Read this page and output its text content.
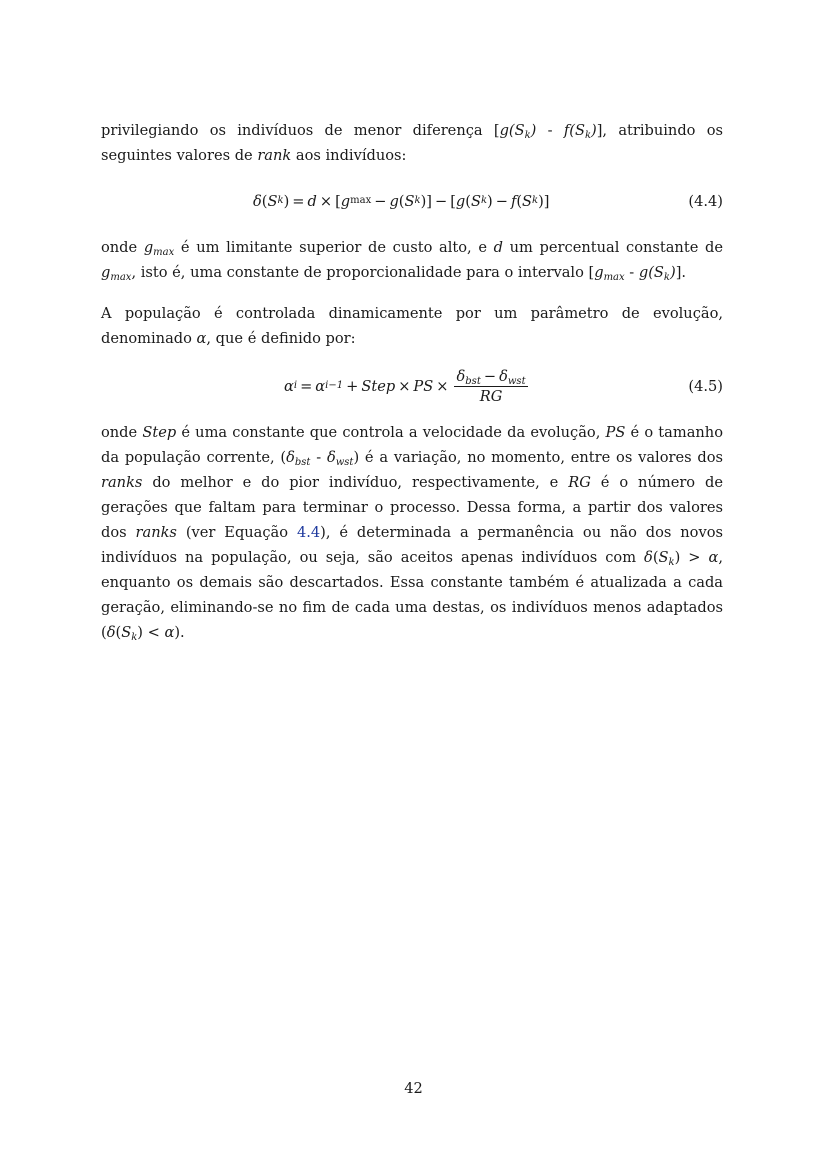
privilegiando os indivíduos de menor diferença $[g(S_k) - f(S_k)]$, atribuindo os seguintes valores de rank aos indivíduos:

δ ( S k ) = d × [ g max − g ( S k )] − [ g ( S k ) − f ( S k )]	(4.4)

onde $g_{max}$ é um limitante superior de custo alto, e d um percentual constante de $g_{max}$, isto é, uma constante de proporcionalidade para o intervalo $[g_{max} - g(S_k)]$.

A população é controlada dinamicamente por um parâmetro de evolução, denominado α, que é definido por:

α i = α i−1 + Step × PS × $\frac{\delta_{bst} - \delta_{wst}}{RG}$	(4.5)

onde Step é uma constante que controla a velocidade da evolução, PS é o tamanho da população corrente, $(\delta_{bst} - \delta_{wst})$ é a variação, no momento, entre os valores dos ranks do melhor e do pior indivíduo, respectivamente, e RG é o número de gerações que faltam para terminar o processo. Dessa forma, a partir dos valores dos ranks (ver Equação 4.4), é determinada a permanência ou não dos novos indivíduos na população, ou seja, são aceitos apenas indivíduos com $\delta(S_k) > \alpha$, enquanto os demais são descartados. Essa constante também é atualizada a cada geração, eliminando-se no fim de cada uma destas, os indivíduos menos adaptados $(\delta(S_k) < \alpha)$.

42
